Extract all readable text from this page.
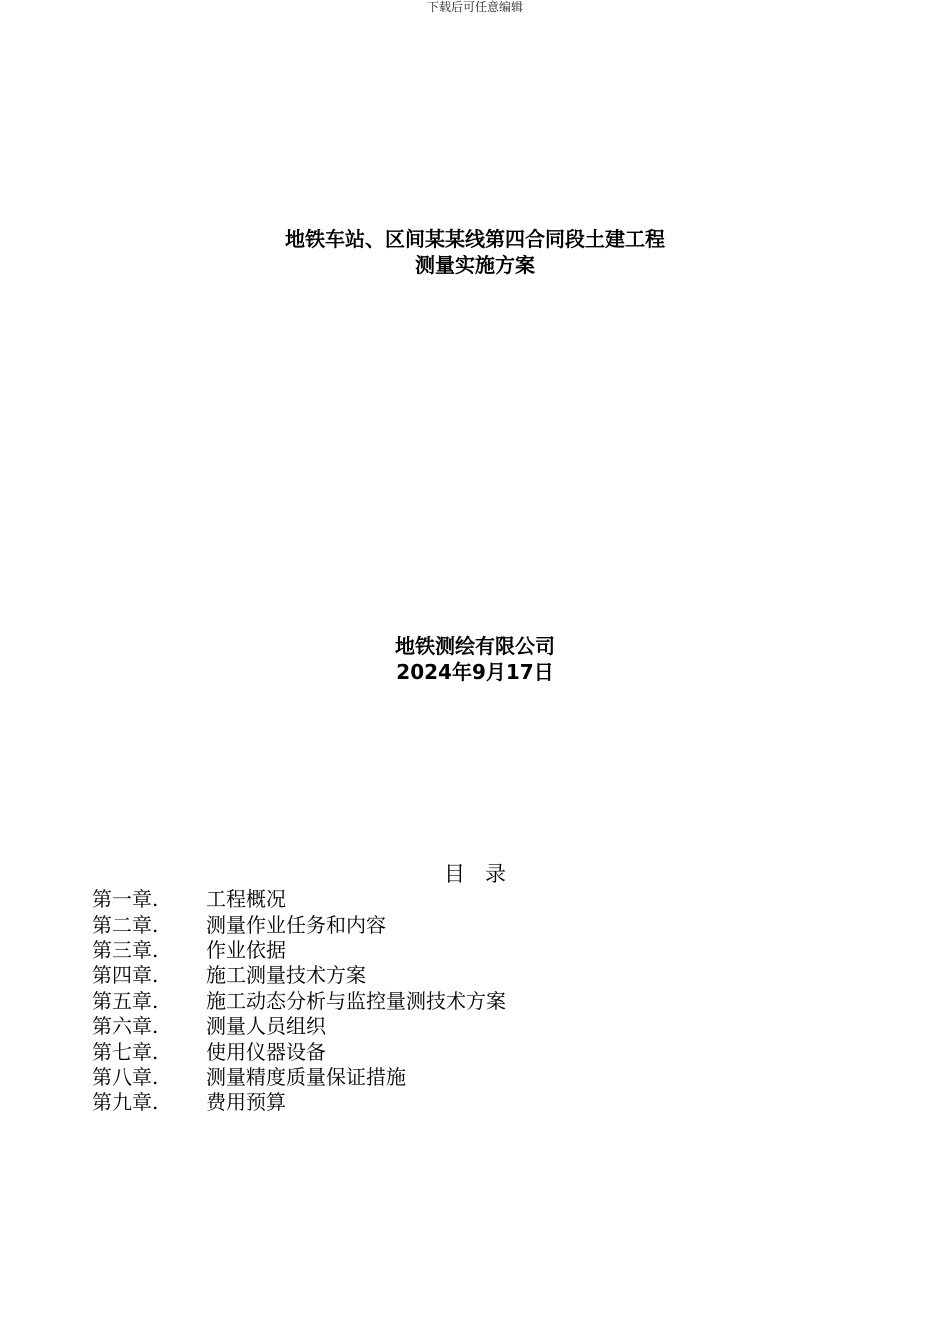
下载后可任意编辑
地铁车站、区间某某线第四合同段土建工程
测量实施方案
地铁测绘有限公司
2024年9月17日
目录
第一章.	工程概况
第二章.	测量作业任务和内容
第三章.	作业依据
第四章.	施工测量技术方案
第五章.	施工动态分析与监控量测技术方案
第六章.	测量人员组织
第七章.	使用仪器设备
第八章.	测量精度质量保证措施
第九章.	费用预算
